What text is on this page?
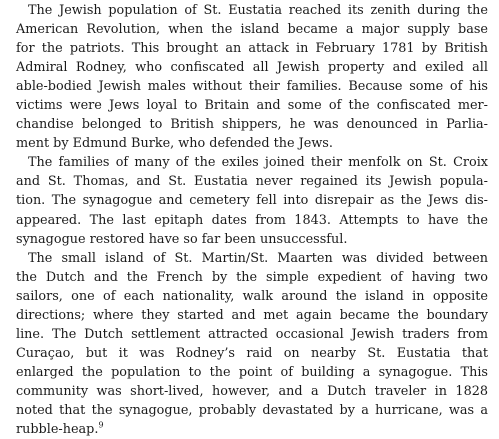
The Jewish population of St. Eustatia reached its zenith during the
American Revolution, when the island became a major supply base
for the patriots. This brought an attack in February 1781 by British
Admiral Rodney, who confiscated all Jewish property and exiled all
able-bodied Jewish males without their families. Because some of his
victims were Jews loyal to Britain and some of the confiscated mer-
chandise belonged to British shippers, he was denounced in Parlia-
ment by Edmund Burke, who defended the Jews.
The families of many of the exiles joined their menfolk on St. Croix
and St. Thomas, and St. Eustatia never regained its Jewish popula-
tion. The synagogue and cemetery fell into disrepair as the Jews dis-
appeared. The last epitaph dates from 1843. Attempts to have the
synagogue restored have so far been unsuccessful.
The small island of St. Martin/St. Maarten was divided between
the Dutch and the French by the simple expedient of having two
sailors, one of each nationality, walk around the island in opposite
directions; where they started and met again became the boundary
line. The Dutch settlement attracted occasional Jewish traders from
Curaçao, but it was Rodney’s raid on nearby St. Eustatia that
enlarged the population to the point of building a synagogue. This
community was short-lived, however, and a Dutch traveler in 1828
noted that the synagogue, probably devastated by a hurricane, was a
rubble-heap.$^9$
